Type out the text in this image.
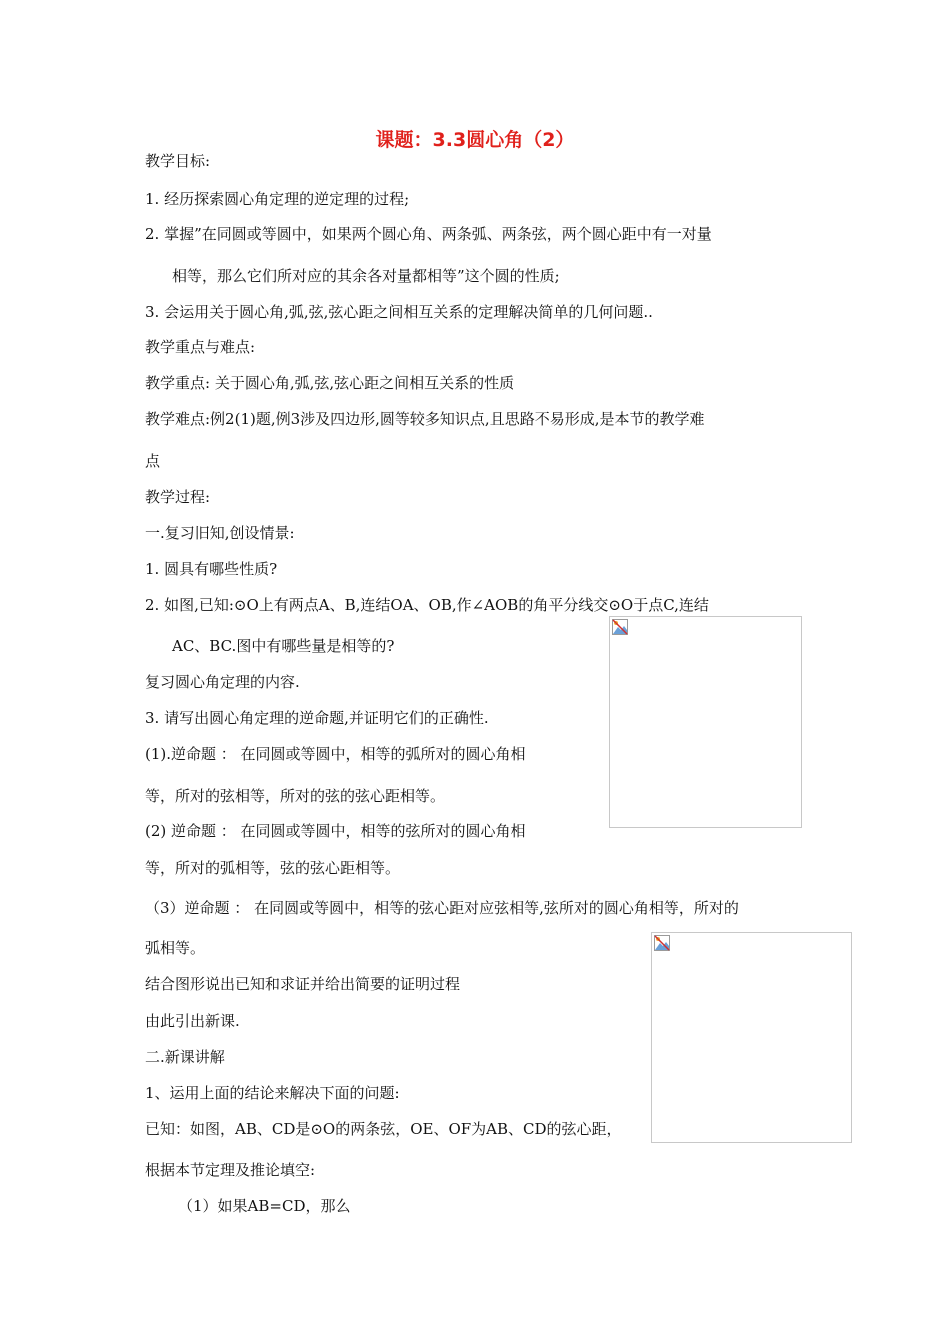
课题：3.3圆心角（2）
教学目标:
1. 经历探索圆心角定理的逆定理的过程;
2. 掌握”在同圆或等圆中，如果两个圆心角、两条弧、两条弦，两个圆心距中有一对量
相等，那么它们所对应的其余各对量都相等”这个圆的性质;
3. 会运用关于圆心角,弧,弦,弦心距之间相互关系的定理解决简单的几何问题..
教学重点与难点:
教学重点: 关于圆心角,弧,弦,弦心距之间相互关系的性质
教学难点:例2(1)题,例3涉及四边形,圆等较多知识点,且思路不易形成,是本节的教学难
点
教学过程:
一.复习旧知,创设情景:
1. 圆具有哪些性质?
2. 如图,已知:⊙O上有两点A、B,连结OA、OB,作∠AOB的角平分线交⊙O于点C,连结
AC、BC.图中有哪些量是相等的?
复习圆心角定理的内容.
3. 请写出圆心角定理的逆命题,并证明它们的正确性.
(1).逆命题 ： 在同圆或等圆中，相等的弧所对的圆心角相
等，所对的弦相等，所对的弦的弦心距相等。
(2) 逆命题 ： 在同圆或等圆中，相等的弦所对的圆心角相
等，所对的弧相等，弦的弦心距相等。
（3）逆命题 ： 在同圆或等圆中，相等的弦心距对应弦相等,弦所对的圆心角相等，所对的
弧相等。
结合图形说出已知和求证并给出简要的证明过程
由此引出新课.
二.新课讲解
1、运用上面的结论来解决下面的问题:
已知：如图，AB、CD是⊙O的两条弦，OE、OF为AB、CD的弦心距，
根据本节定理及推论填空:
（1）如果AB=CD，那么
